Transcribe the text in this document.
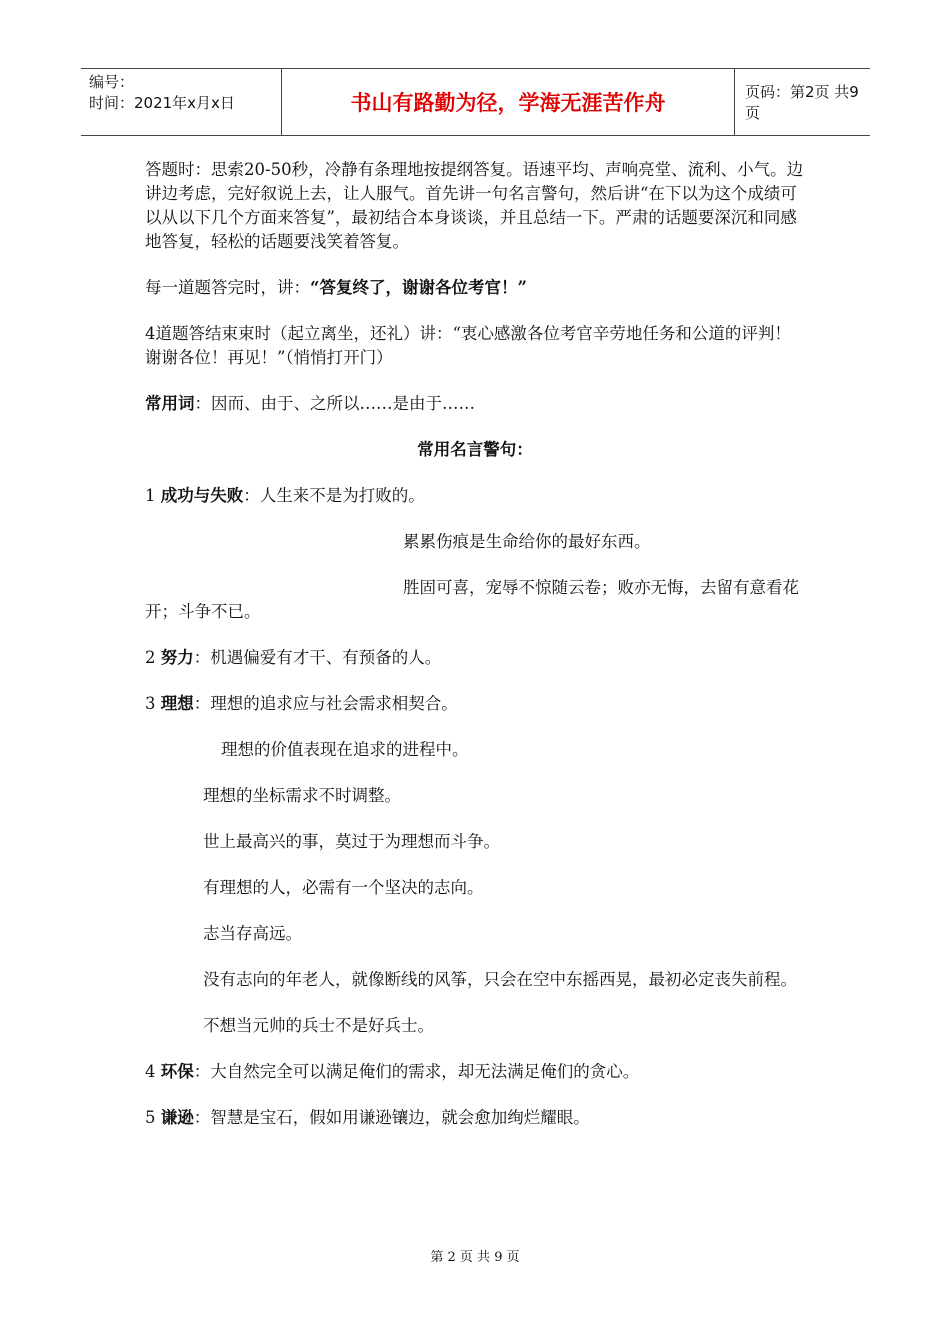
编号：
时间：2021年x月x日	书山有路勤为径，学海无涯苦作舟	页码：第2页 共9页

答题时：思索20-50秒，冷静有条理地按提纲答复。语速平均、声响亮堂、流利、小气。边讲边考虑，完好叙说上去，让人服气。首先讲一句名言警句，然后讲“在下以为这个成绩可以从以下几个方面来答复”，最初结合本身谈谈，并且总结一下。严肃的话题要深沉和同感地答复，轻松的话题要浅笑着答复。

每一道题答完时，讲：“答复终了，谢谢各位考官！”

4道题答结束束时（起立离坐，还礼）讲：“衷心感激各位考官辛劳地任务和公道的评判！谢谢各位！再见！”（悄悄打开门）

常用词：因而、由于、之所以……是由于……

常用名言警句：

1 成功与失败：人生来不是为打败的。

累累伤痕是生命给你的最好东西。

胜固可喜，宠辱不惊随云卷；败亦无悔，去留有意看花开；斗争不已。

2 努力：机遇偏爱有才干、有预备的人。

3 理想：理想的追求应与社会需求相契合。

理想的价值表现在追求的进程中。

理想的坐标需求不时调整。

世上最高兴的事，莫过于为理想而斗争。

有理想的人，必需有一个坚决的志向。

志当存高远。

没有志向的年老人，就像断线的风筝，只会在空中东摇西晃，最初必定丧失前程。

不想当元帅的兵士不是好兵士。

4 环保：大自然完全可以满足俺们的需求，却无法满足俺们的贪心。

5 谦逊：智慧是宝石，假如用谦逊镶边，就会愈加绚烂耀眼。

第 2 页 共 9 页
